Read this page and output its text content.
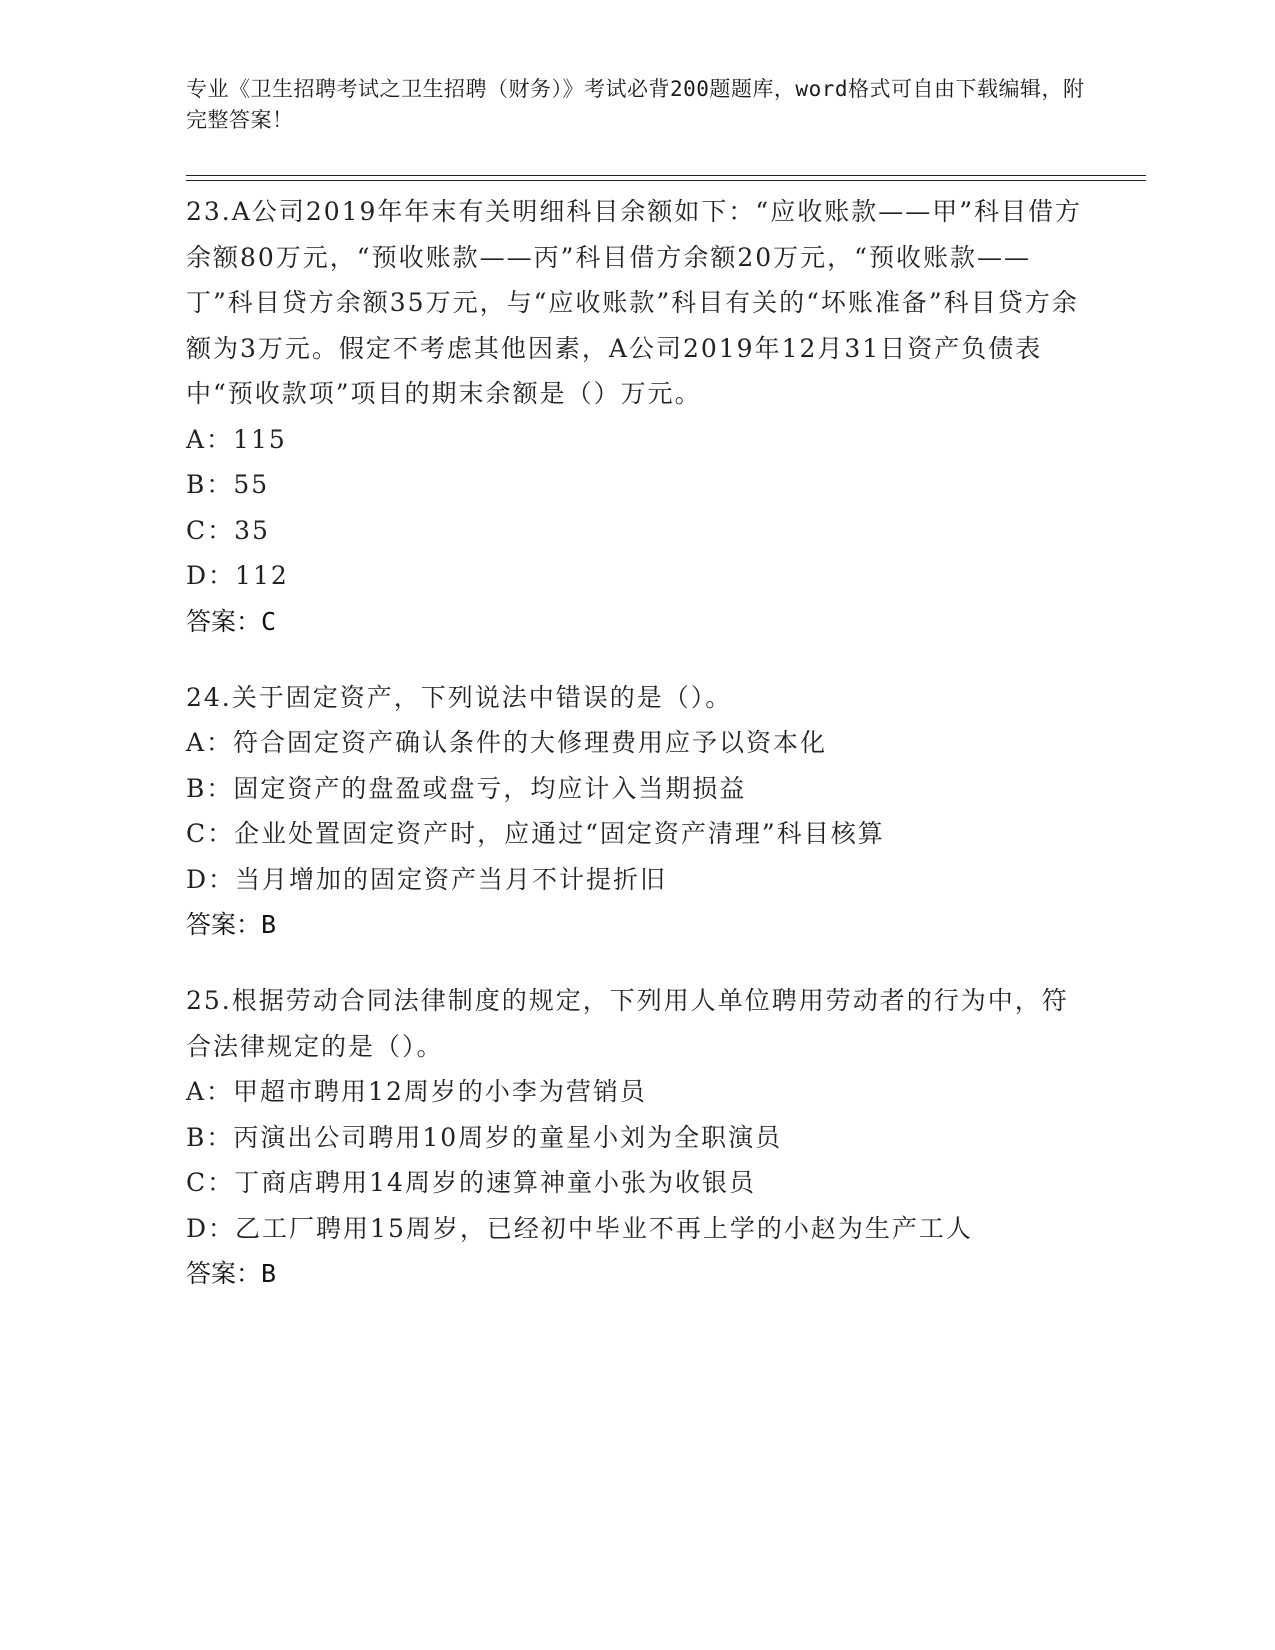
专业《卫生招聘考试之卫生招聘（财务）》考试必背200题题库，word格式可自由下载编辑，附完整答案！

23.A公司2019年年末有关明细科目余额如下：“应收账款——甲”科目借方余额80万元，“预收账款——丙”科目借方余额20万元，“预收账款——丁”科目贷方余额35万元，与“应收账款”科目有关的“坏账准备”科目贷方余额为3万元。假定不考虑其他因素，A公司2019年12月31日资产负债表中“预收款项”项目的期末余额是（）万元。

A：115

B：55

C：35

D：112

答案：C

24.关于固定资产，下列说法中错误的是（）。

A：符合固定资产确认条件的大修理费用应予以资本化

B：固定资产的盘盈或盘亏，均应计入当期损益

C：企业处置固定资产时，应通过“固定资产清理”科目核算

D：当月增加的固定资产当月不计提折旧

答案：B

25.根据劳动合同法律制度的规定，下列用人单位聘用劳动者的行为中，符合法律规定的是（）。

A：甲超市聘用12周岁的小李为营销员

B：丙演出公司聘用10周岁的童星小刘为全职演员

C：丁商店聘用14周岁的速算神童小张为收银员

D：乙工厂聘用15周岁，已经初中毕业不再上学的小赵为生产工人

答案：B
